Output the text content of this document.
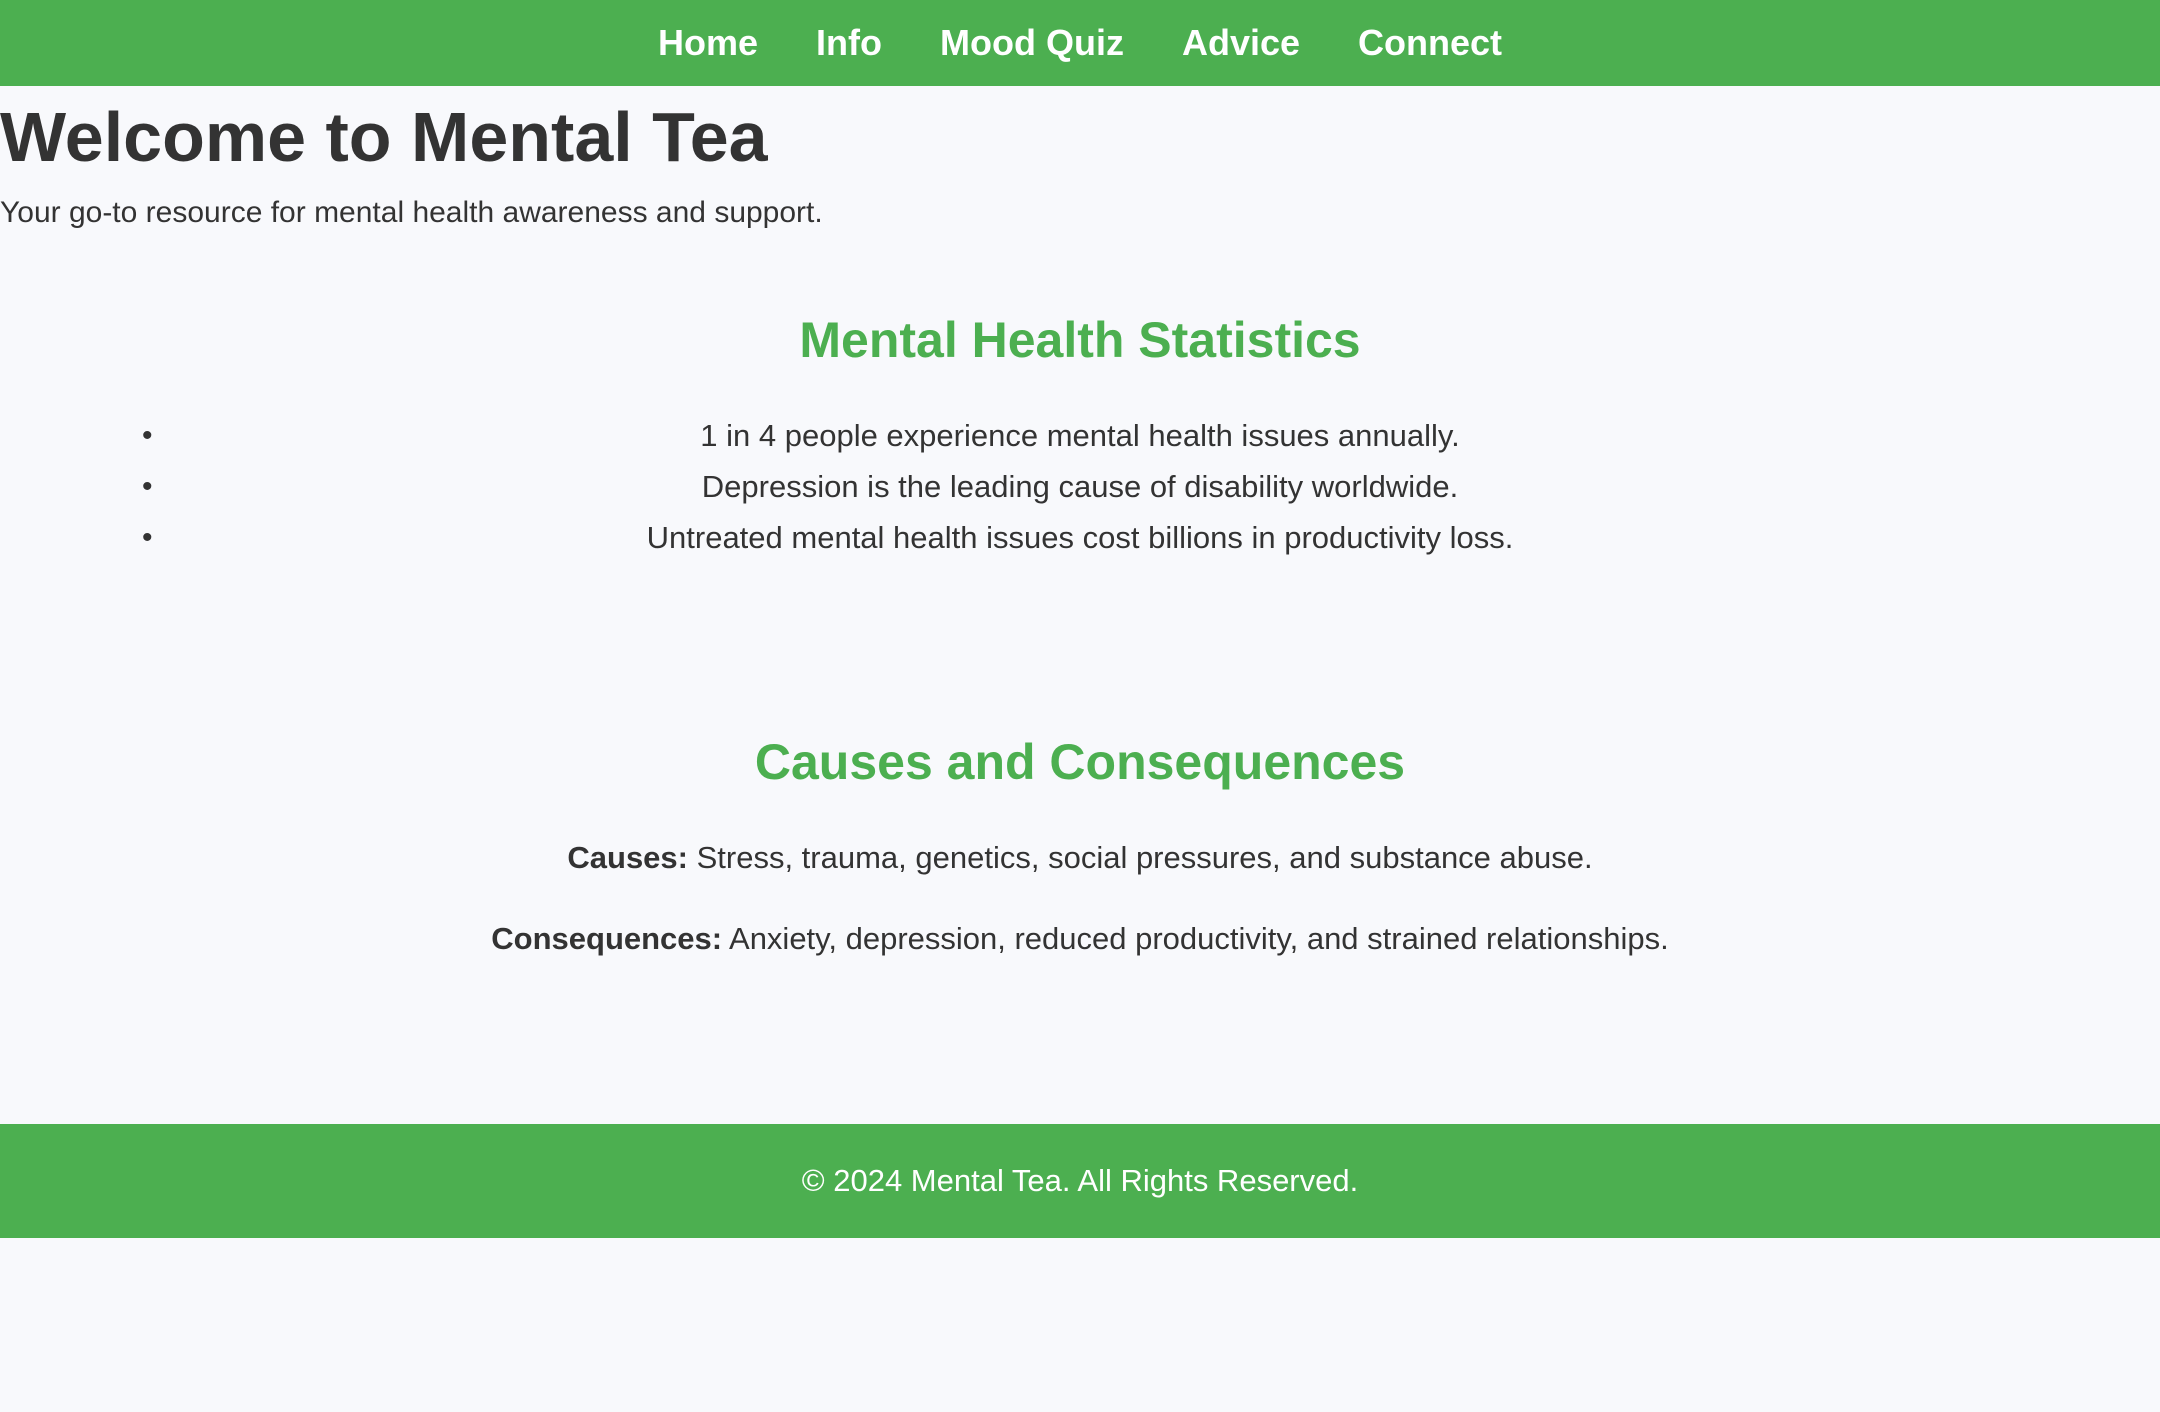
Home Info Mood Quiz Advice Connect
Welcome to Mental Tea

Your go-to resource for mental health awareness and support.

Mental Health Statistics
•	1 in 4 people experience mental health issues annually.
•	Depression is the leading cause of disability worldwide.
•	Untreated mental health issues cost billions in productivity loss.
Causes and Consequences

Causes: Stress, trauma, genetics, social pressures, and substance abuse.

Consequences: Anxiety, depression, reduced productivity, and strained relationships.

© 2024 Mental Tea. All Rights Reserved.
